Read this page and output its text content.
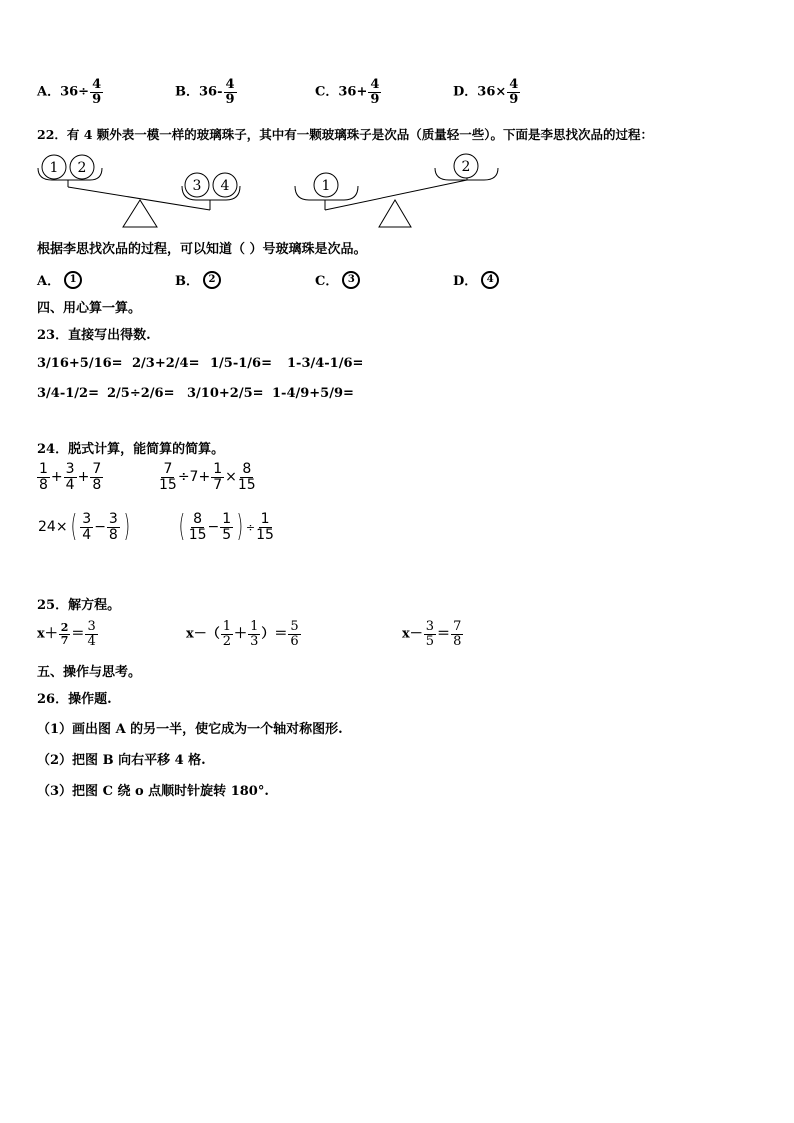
A．$36\div \frac{4}{9}$	B．$36- \frac{4}{9}$	C．$36+ \frac{4}{9}$	D．$36\times \frac{4}{9}$
22．有 4 颗外表一模一样的玻璃珠子，其中有一颗玻璃珠子是次品（质量轻一些）。下面是李思找次品的过程：
1 2
3 4	1
2
根据李思找次品的过程，可以知道（ ）号玻璃珠是次品。
A． 1	B． 2	C． 3	D． 4
四、用心算一算。
23．直接写出得数.
3/16+5/16= 2/3+2/4= 1/5-1/6= 1-3/4-1/6=
3/4-1/2= 2/5÷2/6= 3/10+2/5= 1-4/9+5/9=
24．脱式计算，能简算的简算。
$\frac{1}{8} + \frac{3}{4} + \frac{7}{8}$	$\frac{7}{15} \div 7+ \frac{1}{7} \times \frac{8}{15}$
$24\times( \frac{3}{4} - \frac{3}{8}$ ) ( $\frac{8}{15} - \frac{1}{5}$ ) ÷ $\frac{1}{15}$
25．解方程。
$x+ \frac{2}{7} = \frac{3}{4}$	$x-( \frac{1}{2} + \frac{1}{3}$ ）＝ $\frac{5}{6}$	$x- \frac{3}{5} = \frac{7}{8}$
五、操作与思考。
26．操作题.
（1）画出图 A 的另一半，使它成为一个轴对称图形.
（2）把图 B 向右平移 4 格.
（3）把图 C 绕 o 点顺时针旋转 180°.
